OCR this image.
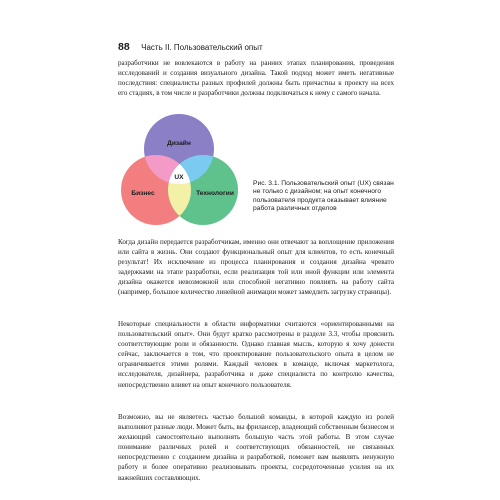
88 Часть II. Пользовательский опыт

разработчики не вовлекаются в работу на ранних этапах планирования, проведения исследований и создания визуального дизайна. Такой подход может иметь негативные последствия: специалисты разных профилей должны быть причастны к проекту на всех его стадиях, в том числе и разработчики должны подключаться к нему с самого начала.

Дизайн
Бизнес	Технологии
UX

Рис. 3.1. Пользовательский опыт (UX) связан не только с дизайном; на опыт конечного пользователя продукта оказывает влияние работа различных отделов

Когда дизайн передается разработчикам, именно они отвечают за воплощение приложения или сайта в жизнь. Они создают функциональный опыт для клиентов, то есть конечный результат! Их исключение из процесса планирования и создания дизайна чревато задержками на этапе разработки, если реализация той или иной функции или элемента дизайна окажется невозможной или способной негативно повлиять на работу сайта (например, большое количество линейной анимации может замедлить загрузку страницы).

Некоторые специальности в области информатики считаются «ориентированными на пользовательский опыт». Они будут кратко рассмотрены в разделе 3.3, чтобы прояснить соответствующие роли и обязанности. Однако главная мысль, которую я хочу донести сейчас, заключается в том, что проектирование пользовательского опыта в целом не ограничивается этими ролями. Каждый человек в команде, включая маркетолога, исследователя, дизайнера, разработчика и даже специалиста по контролю качества, непосредственно влияет на опыт конечного пользователя.

Возможно, вы не являетесь частью большой команды, в которой каждую из ролей выполняют разные люди. Может быть, вы фрилансер, владеющий собственным бизнесом и желающий самостоятельно выполнять большую часть этой работы. В этом случае понимание различных ролей и соответствующих обязанностей, не связанных непосредственно с созданием дизайна и разработкой, поможет вам выявлять ненужную работу и более оперативно реализовывать проекты, сосредоточенные усилия на их важнейших составляющих.
